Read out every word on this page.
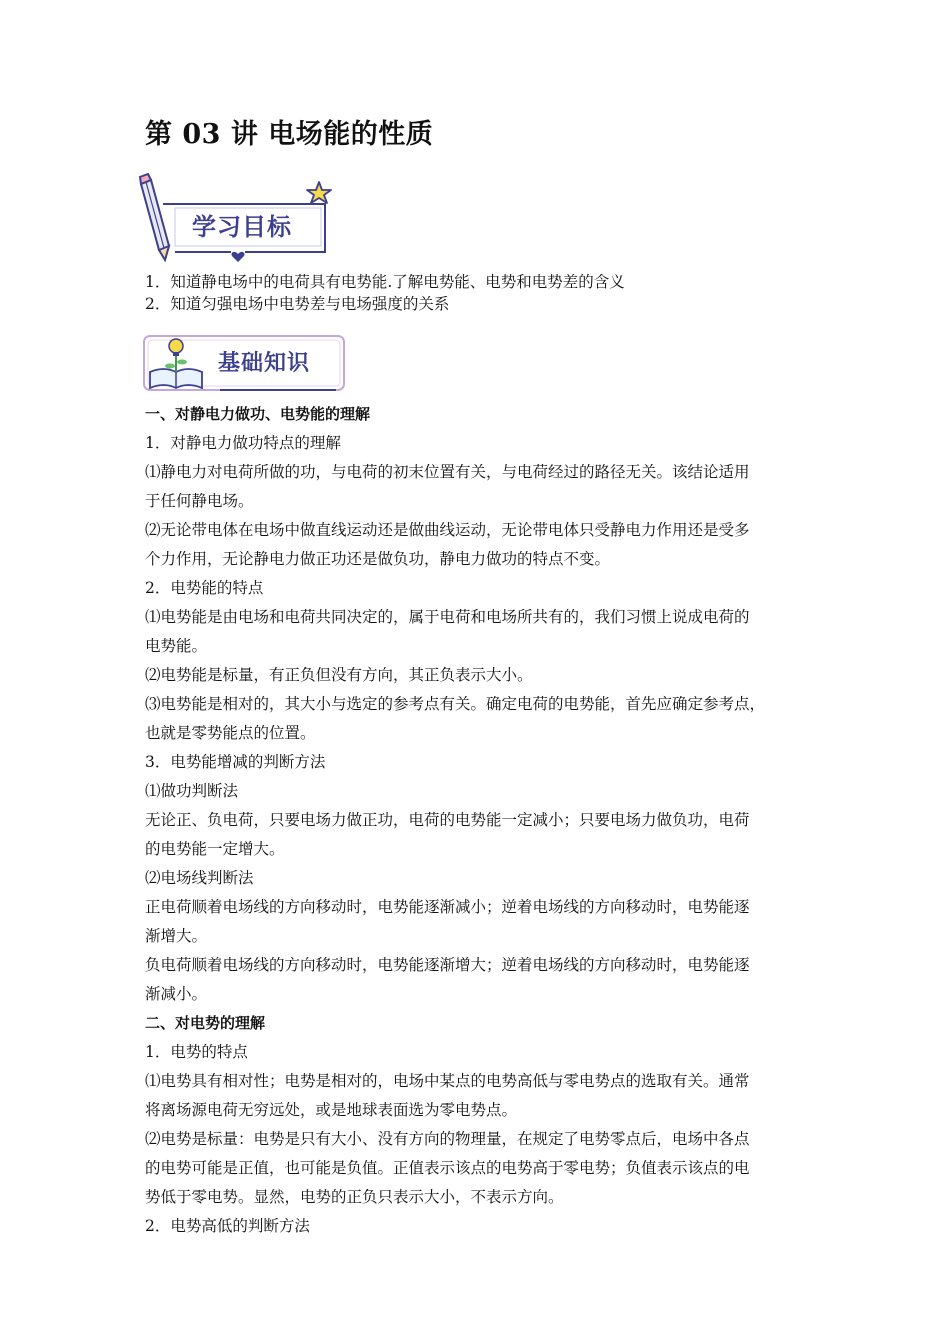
第 03 讲 电场能的性质
学习目标
1．知道静电场中的电荷具有电势能.了解电势能、电势和电势差的含义
2．知道匀强电场中电势差与电场强度的关系
基础知识
一、对静电力做功、电势能的理解
1．对静电力做功特点的理解
⑴静电力对电荷所做的功，与电荷的初末位置有关，与电荷经过的路径无关。该结论适用
于任何静电场。
⑵无论带电体在电场中做直线运动还是做曲线运动，无论带电体只受静电力作用还是受多
个力作用，无论静电力做正功还是做负功，静电力做功的特点不变。
2．电势能的特点
⑴电势能是由电场和电荷共同决定的，属于电荷和电场所共有的，我们习惯上说成电荷的
电势能。
⑵电势能是标量，有正负但没有方向，其正负表示大小。
⑶电势能是相对的，其大小与选定的参考点有关。确定电荷的电势能，首先应确定参考点，
也就是零势能点的位置。
3．电势能增减的判断方法
⑴做功判断法
无论正、负电荷，只要电场力做正功，电荷的电势能一定减小；只要电场力做负功，电荷
的电势能一定增大。
⑵电场线判断法
正电荷顺着电场线的方向移动时，电势能逐渐减小；逆着电场线的方向移动时，电势能逐
渐增大。
负电荷顺着电场线的方向移动时，电势能逐渐增大；逆着电场线的方向移动时，电势能逐
渐减小。
二、对电势的理解
1．电势的特点
⑴电势具有相对性；电势是相对的，电场中某点的电势高低与零电势点的选取有关。通常
将离场源电荷无穷远处，或是地球表面选为零电势点。
⑵电势是标量：电势是只有大小、没有方向的物理量，在规定了电势零点后，电场中各点
的电势可能是正值，也可能是负值。正值表示该点的电势高于零电势；负值表示该点的电
势低于零电势。显然，电势的正负只表示大小，不表示方向。
2．电势高低的判断方法
